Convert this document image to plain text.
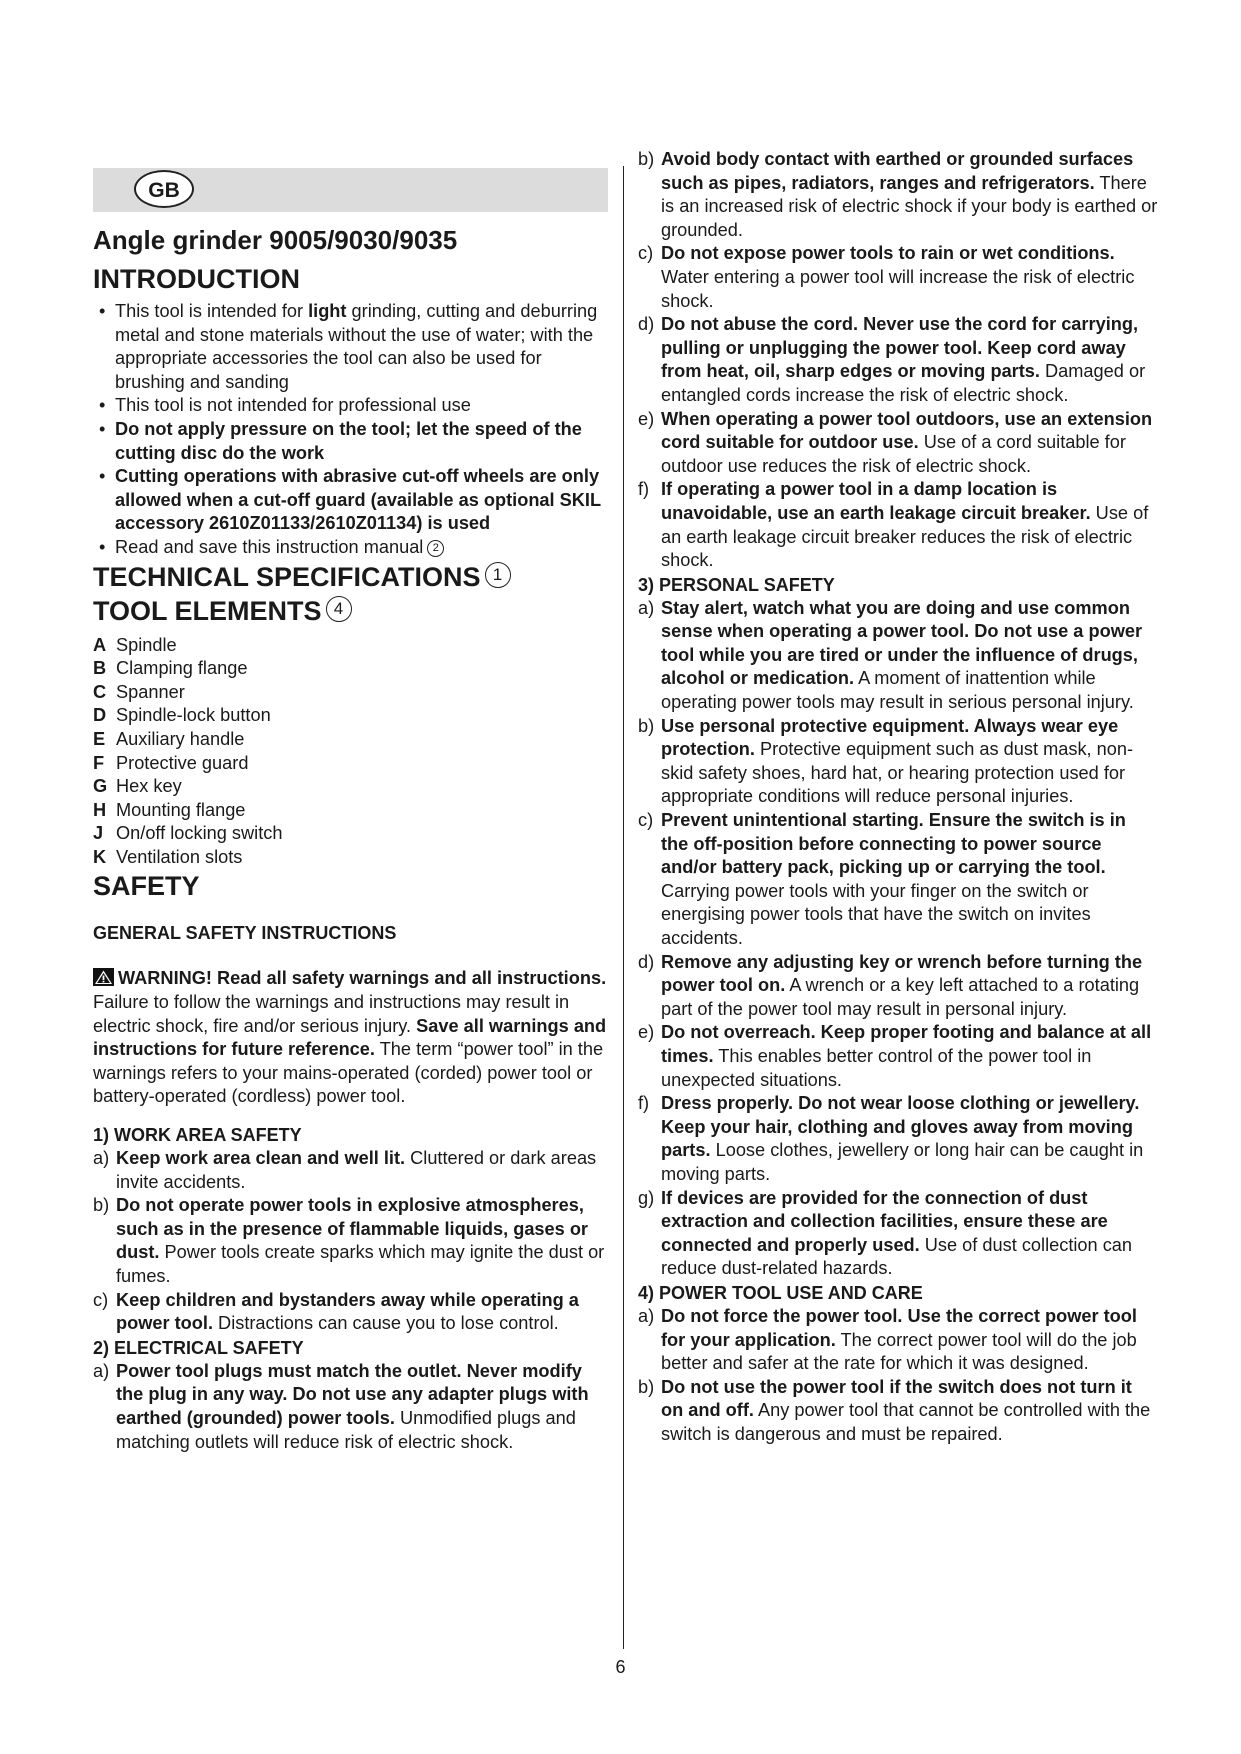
GB
Angle grinder 9005/9030/9035
INTRODUCTION
• This tool is intended for light grinding, cutting and deburring metal and stone materials without the use of water; with the appropriate accessories the tool can also be used for brushing and sanding
• This tool is not intended for professional use
• Do not apply pressure on the tool; let the speed of the cutting disc do the work
• Cutting operations with abrasive cut-off wheels are only allowed when a cut-off guard (available as optional SKIL accessory 2610Z01133/2610Z01134) is used
• Read and save this instruction manual 2
TECHNICAL SPECIFICATIONS 1
TOOL ELEMENTS 4
A Spindle
B Clamping flange
C Spanner
D Spindle-lock button
E Auxiliary handle
F Protective guard
G Hex key
H Mounting flange
J On/off locking switch
K Ventilation slots
SAFETY
GENERAL SAFETY INSTRUCTIONS
WARNING! Read all safety warnings and all instructions. Failure to follow the warnings and instructions may result in electric shock, fire and/or serious injury. Save all warnings and instructions for future reference. The term “power tool” in the warnings refers to your mains-operated (corded) power tool or battery-operated (cordless) power tool.
1) WORK AREA SAFETY
a) Keep work area clean and well lit. Cluttered or dark areas invite accidents.
b) Do not operate power tools in explosive atmospheres, such as in the presence of flammable liquids, gases or dust. Power tools create sparks which may ignite the dust or fumes.
c) Keep children and bystanders away while operating a power tool. Distractions can cause you to lose control.
2) ELECTRICAL SAFETY
a) Power tool plugs must match the outlet. Never modify the plug in any way. Do not use any adapter plugs with earthed (grounded) power tools. Unmodified plugs and matching outlets will reduce risk of electric shock.
b) Avoid body contact with earthed or grounded surfaces such as pipes, radiators, ranges and refrigerators. There is an increased risk of electric shock if your body is earthed or grounded.
c) Do not expose power tools to rain or wet conditions. Water entering a power tool will increase the risk of electric shock.
d) Do not abuse the cord. Never use the cord for carrying, pulling or unplugging the power tool. Keep cord away from heat, oil, sharp edges or moving parts. Damaged or entangled cords increase the risk of electric shock.
e) When operating a power tool outdoors, use an extension cord suitable for outdoor use. Use of a cord suitable for outdoor use reduces the risk of electric shock.
f) If operating a power tool in a damp location is unavoidable, use an earth leakage circuit breaker. Use of an earth leakage circuit breaker reduces the risk of electric shock.
3) PERSONAL SAFETY
a) Stay alert, watch what you are doing and use common sense when operating a power tool. Do not use a power tool while you are tired or under the influence of drugs, alcohol or medication. A moment of inattention while operating power tools may result in serious personal injury.
b) Use personal protective equipment. Always wear eye protection. Protective equipment such as dust mask, non-skid safety shoes, hard hat, or hearing protection used for appropriate conditions will reduce personal injuries.
c) Prevent unintentional starting. Ensure the switch is in the off-position before connecting to power source and/or battery pack, picking up or carrying the tool. Carrying power tools with your finger on the switch or energising power tools that have the switch on invites accidents.
d) Remove any adjusting key or wrench before turning the power tool on. A wrench or a key left attached to a rotating part of the power tool may result in personal injury.
e) Do not overreach. Keep proper footing and balance at all times. This enables better control of the power tool in unexpected situations.
f) Dress properly. Do not wear loose clothing or jewellery. Keep your hair, clothing and gloves away from moving parts. Loose clothes, jewellery or long hair can be caught in moving parts.
g) If devices are provided for the connection of dust extraction and collection facilities, ensure these are connected and properly used. Use of dust collection can reduce dust-related hazards.
4) POWER TOOL USE AND CARE
a) Do not force the power tool. Use the correct power tool for your application. The correct power tool will do the job better and safer at the rate for which it was designed.
b) Do not use the power tool if the switch does not turn it on and off. Any power tool that cannot be controlled with the switch is dangerous and must be repaired.
6
